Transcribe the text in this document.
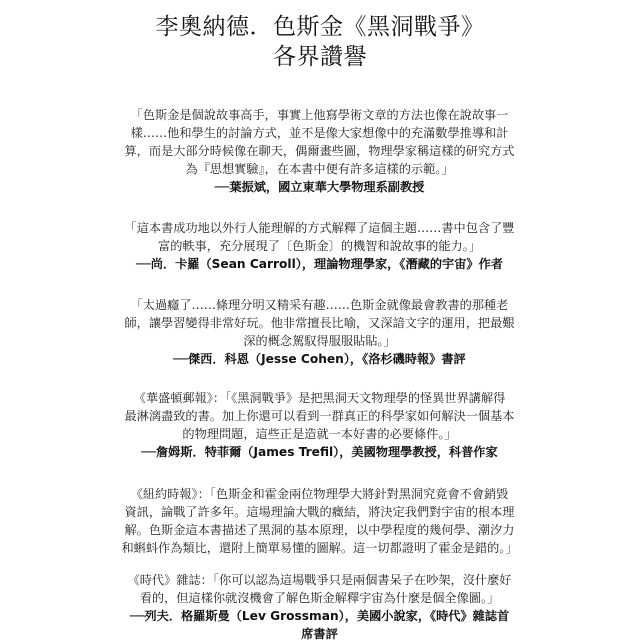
李奧納德．色斯金《黑洞戰爭》
各界讚譽
「色斯金是個說故事高手，事實上他寫學術文章的方法也像在說故事一
樣……他和學生的討論方式，並不是像大家想像中的充滿數學推導和計
算，而是大部分時候像在聊天，偶爾畫些圖，物理學家稱這樣的研究方式
為『思想實驗』，在本書中便有許多這樣的示範。」
──葉振斌，國立東華大學物理系副教授
「這本書成功地以外行人能理解的方式解釋了這個主題……書中包含了豐
富的軼事，充分展現了〔色斯金〕的機智和說故事的能力。」
──尚．卡羅（Sean Carroll），理論物理學家，《潛藏的宇宙》作者
「太過癮了……條理分明又精采有趣……色斯金就像最會教書的那種老
師，讓學習變得非常好玩。他非常擅長比喻，又深諳文字的運用，把最艱
深的概念駕馭得服服貼貼。」
──傑西．科恩（Jesse Cohen），《洛杉磯時報》書評
《華盛頓郵報》：「《黑洞戰爭》是把黑洞天文物理學的怪異世界講解得
最淋漓盡致的書。加上你還可以看到一群真正的科學家如何解決一個基本
的物理問題，這些正是造就一本好書的必要條件。」
──詹姆斯．特菲爾（James Trefil），美國物理學教授，科普作家
《紐約時報》：「色斯金和霍金兩位物理學大將針對黑洞究竟會不會銷毀
資訊，論戰了許多年。這場理論大戰的癥結，將決定我們對宇宙的根本理
解。色斯金這本書描述了黑洞的基本原理，以中學程度的幾何學、潮汐力
和蝌蚪作為類比，還附上簡單易懂的圖解。這一切都證明了霍金是錯的。」
《時代》雜誌：「你可以認為這場戰爭只是兩個書呆子在吵架，沒什麼好
看的，但這樣你就沒機會了解色斯金解釋宇宙為什麼是個全像圖。」
──列夫．格羅斯曼（Lev Grossman），美國小說家，《時代》雜誌首
席書評
